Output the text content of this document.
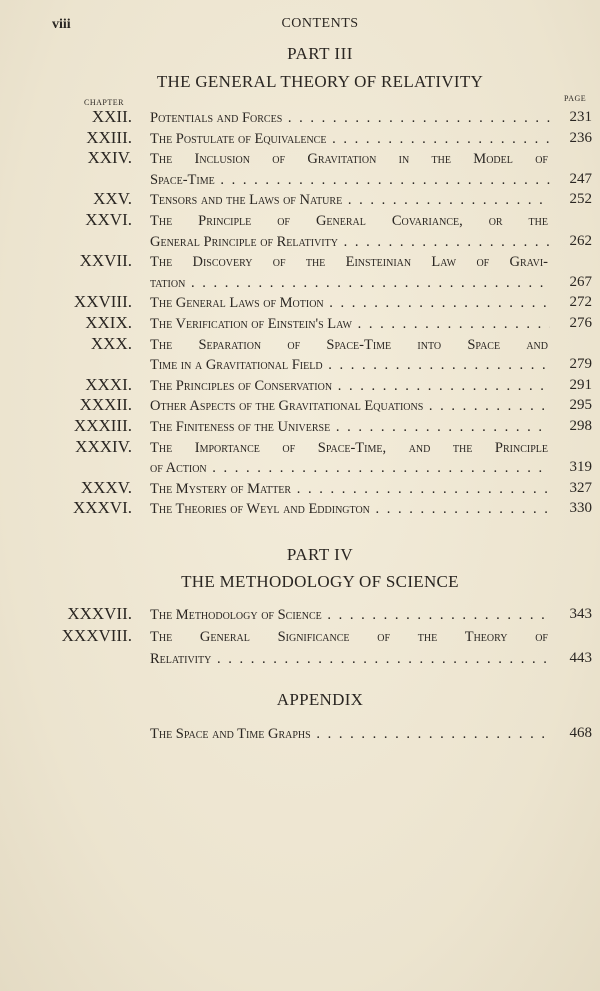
viii	CONTENTS
PART III
THE GENERAL THEORY OF RELATIVITY
CHAPTER	PAGE
XXII. Potentials and Forces . . .	231
XXIII. The Postulate of Equivalence . . .	236
XXIV. The Inclusion of Gravitation in the Model of
Space-Time . . .	247
XXV. Tensors and the Laws of Nature . . .	252
XXVI. The Principle of General Covariance, or the
General Principle of Relativity . . .	262
XXVII. The Discovery of the Einsteinian Law of Gravi-
tation . . .	267
XXVIII. The General Laws of Motion . . .	272
XXIX. The Verification of Einstein's Law . . .	276
XXX. The Separation of Space-Time into Space and
Time in a Gravitational Field . . .	279
XXXI. The Principles of Conservation . . .	291
XXXII. Other Aspects of the Gravitational Equations . . .	295
XXXIII. The Finiteness of the Universe . . .	298
XXXIV. The Importance of Space-Time, and the Principle
of Action . . .	319
XXXV. The Mystery of Matter . . .	327
XXXVI. The Theories of Weyl and Eddington . . .	330
PART IV
THE METHODOLOGY OF SCIENCE
XXXVII. The Methodology of Science . . .	343
XXXVIII. The General Significance of the Theory of
Relativity . . .	443
APPENDIX
The Space and Time Graphs . . .	468
